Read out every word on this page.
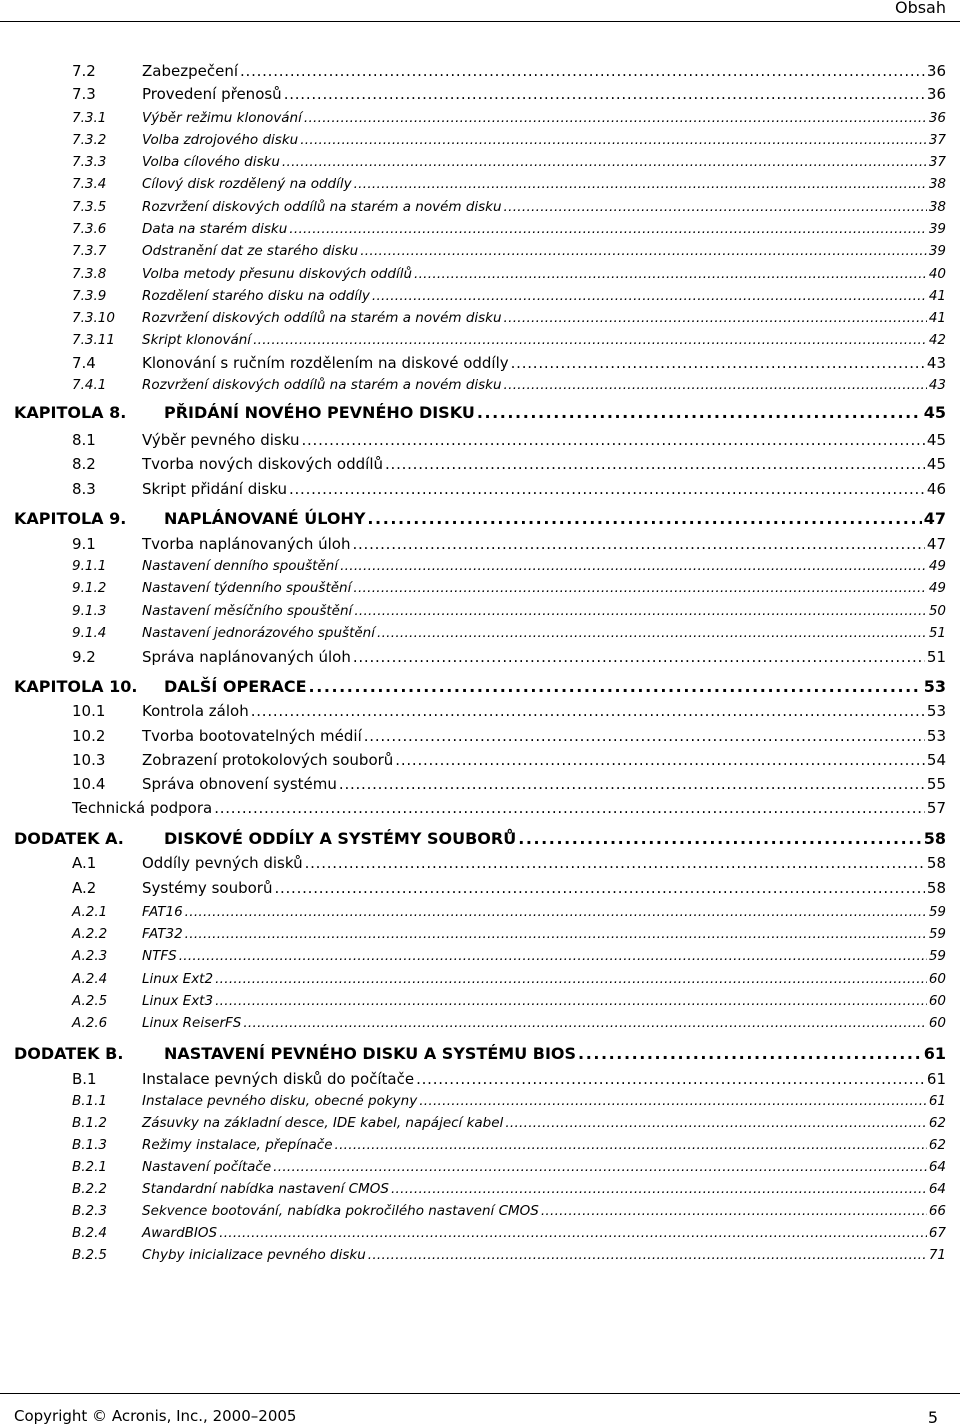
Obsah
7.2	Zabezpečení . . .	36
7.3	Provedení přenosů . . .	36
7.3.1	Výběr režimu klonování . . .	36
7.3.2	Volba zdrojového disku . . .	37
7.3.3	Volba cílového disku . . .	37
7.3.4	Cílový disk rozdělený na oddíly . . .	38
7.3.5	Rozvržení diskových oddílů na starém a novém disku . . .	38
7.3.6	Data na starém disku . . .	39
7.3.7	Odstranění dat ze starého disku . . .	39
7.3.8	Volba metody přesunu diskových oddílů . . .	40
7.3.9	Rozdělení starého disku na oddíly . . .	41
7.3.10	Rozvržení diskových oddílů na starém a novém disku . . .	41
7.3.11	Skript klonování . . .	42
7.4	Klonování s ručním rozdělením na diskové oddíly . . .	43
7.4.1	Rozvržení diskových oddílů na starém a novém disku . . .	43
KAPITOLA 8.	PŘIDÁNÍ NOVÉHO PEVNÉHO DISKU . . .	45
8.1	Výběr pevného disku . . .	45
8.2	Tvorba nových diskových oddílů . . .	45
8.3	Skript přidání disku . . .	46
KAPITOLA 9.	NAPLÁNOVANÉ ÚLOHY . . .	47
9.1	Tvorba naplánovaných úloh . . .	47
9.1.1	Nastavení denního spouštění . . .	49
9.1.2	Nastavení týdenního spouštění . . .	49
9.1.3	Nastavení měsíčního spouštění . . .	50
9.1.4	Nastavení jednorázového spuštění . . .	51
9.2	Správa naplánovaných úloh . . .	51
KAPITOLA 10.	DALŠÍ OPERACE . . .	53
10.1	Kontrola záloh . . .	53
10.2	Tvorba bootovatelných médií . . .	53
10.3	Zobrazení protokolových souborů . . .	54
10.4	Správa obnovení systému . . .	55
Technická podpora . . .	57
DODATEK A.	DISKOVÉ ODDÍLY A SYSTÉMY SOUBORŮ . . .	58
A.1	Oddíly pevných disků . . .	58
A.2	Systémy souborů . . .	58
A.2.1	FAT16 . . .	59
A.2.2	FAT32 . . .	59
A.2.3	NTFS . . .	59
A.2.4	Linux Ext2 . . .	60
A.2.5	Linux Ext3 . . .	60
A.2.6	Linux ReiserFS . . .	60
DODATEK B.	NASTAVENÍ PEVNÉHO DISKU A SYSTÉMU BIOS . . .	61
B.1	Instalace pevných disků do počítače . . .	61
B.1.1	Instalace pevného disku, obecné pokyny . . .	61
B.1.2	Zásuvky na základní desce, IDE kabel, napájecí kabel . . .	62
B.1.3	Režimy instalace, přepínače . . .	62
B.2.1	Nastavení počítače . . .	64
B.2.2	Standardní nabídka nastavení CMOS . . .	64
B.2.3	Sekvence bootování, nabídka pokročilého nastavení CMOS . . .	66
B.2.4	AwardBIOS . . .	67
B.2.5	Chyby inicializace pevného disku . . .	71
Copyright © Acronis, Inc., 2000–2005	5
